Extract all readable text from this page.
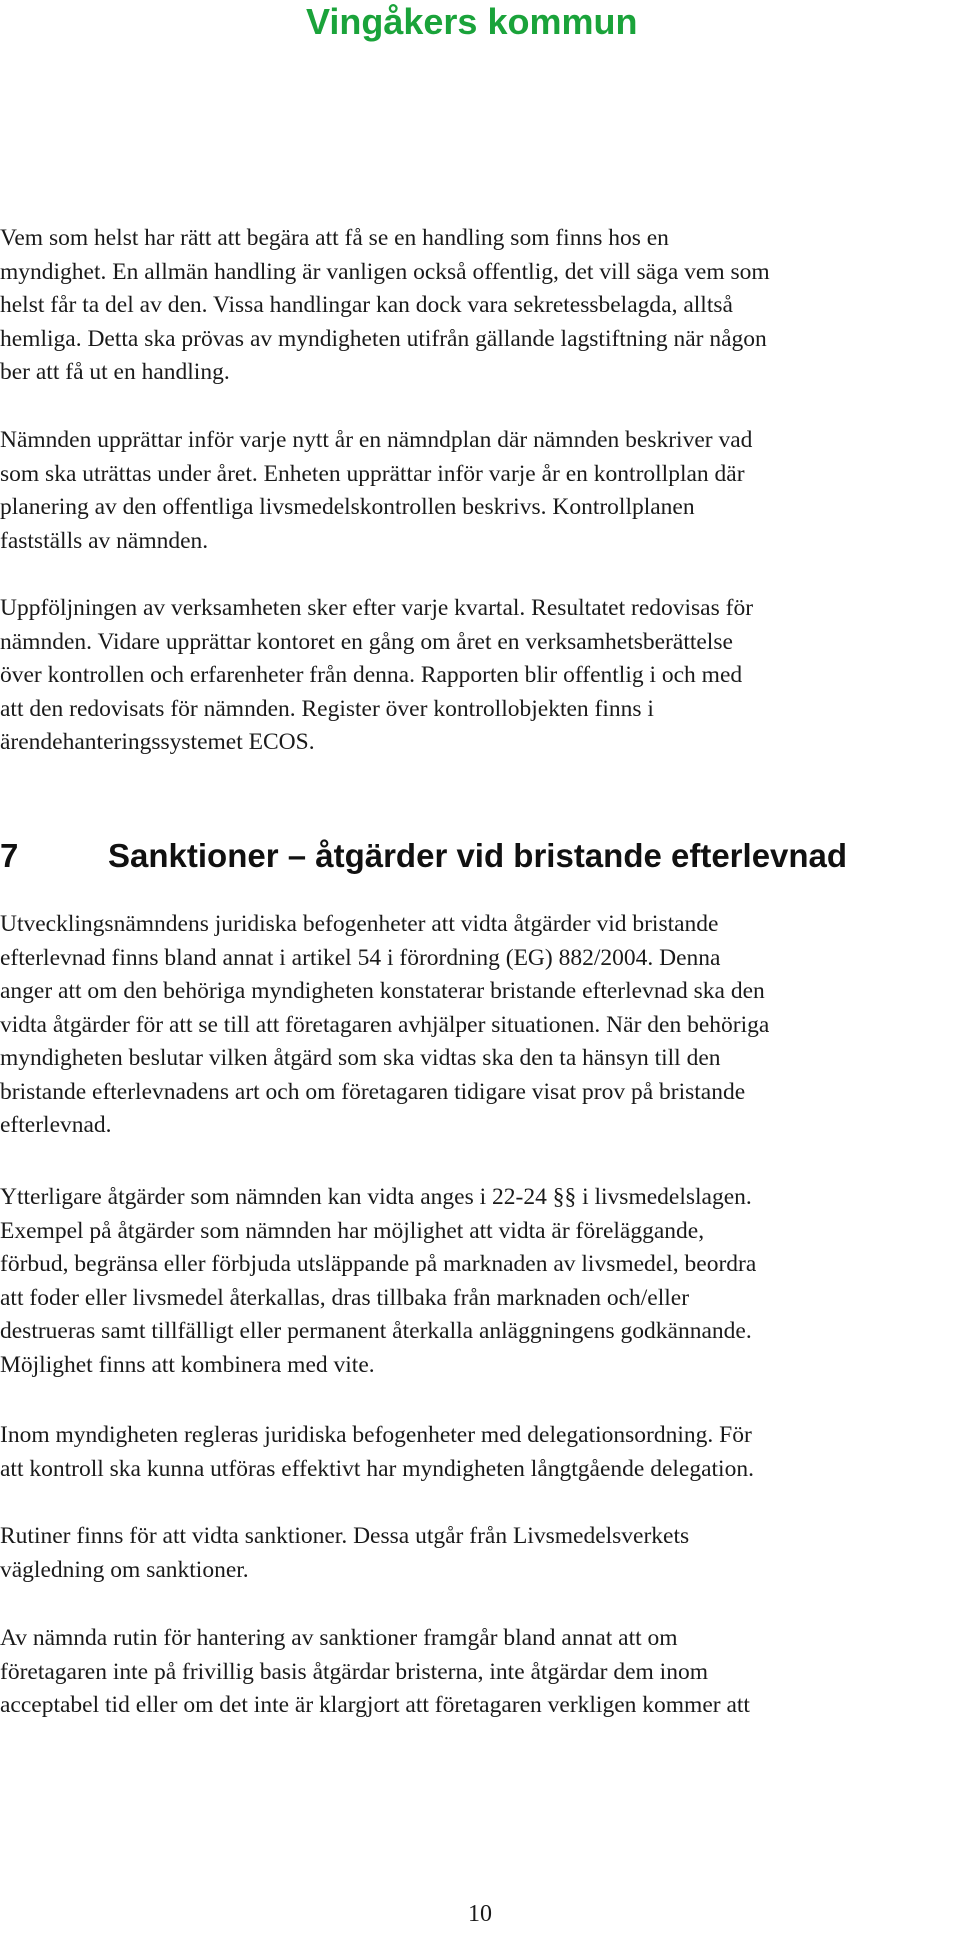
Vingåkers kommun

Vem som helst har rätt att begära att få se en handling som finns hos en
myndighet. En allmän handling är vanligen också offentlig, det vill säga vem som
helst får ta del av den. Vissa handlingar kan dock vara sekretessbelagda, alltså
hemliga. Detta ska prövas av myndigheten utifrån gällande lagstiftning när någon
ber att få ut en handling.

Nämnden upprättar inför varje nytt år en nämndplan där nämnden beskriver vad
som ska uträttas under året. Enheten upprättar inför varje år en kontrollplan där
planering av den offentliga livsmedelskontrollen beskrivs. Kontrollplanen
fastställs av nämnden.

Uppföljningen av verksamheten sker efter varje kvartal. Resultatet redovisas för
nämnden. Vidare upprättar kontoret en gång om året en verksamhetsberättelse
över kontrollen och erfarenheter från denna. Rapporten blir offentlig i och med
att den redovisats för nämnden. Register över kontrollobjekten finns i
ärendehanteringssystemet ECOS.

7	Sanktioner – åtgärder vid bristande efterlevnad

Utvecklingsnämndens juridiska befogenheter att vidta åtgärder vid bristande
efterlevnad finns bland annat i artikel 54 i förordning (EG) 882/2004. Denna
anger att om den behöriga myndigheten konstaterar bristande efterlevnad ska den
vidta åtgärder för att se till att företagaren avhjälper situationen. När den behöriga
myndigheten beslutar vilken åtgärd som ska vidtas ska den ta hänsyn till den
bristande efterlevnadens art och om företagaren tidigare visat prov på bristande
efterlevnad.

Ytterligare åtgärder som nämnden kan vidta anges i 22-24 §§ i livsmedelslagen.
Exempel på åtgärder som nämnden har möjlighet att vidta är föreläggande,
förbud, begränsa eller förbjuda utsläppande på marknaden av livsmedel, beordra
att foder eller livsmedel återkallas, dras tillbaka från marknaden och/eller
destrueras samt tillfälligt eller permanent återkalla anläggningens godkännande.
Möjlighet finns att kombinera med vite.

Inom myndigheten regleras juridiska befogenheter med delegationsordning. För
att kontroll ska kunna utföras effektivt har myndigheten långtgående delegation.

Rutiner finns för att vidta sanktioner. Dessa utgår från Livsmedelsverkets
vägledning om sanktioner.

Av nämnda rutin för hantering av sanktioner framgår bland annat att om
företagaren inte på frivillig basis åtgärdar bristerna, inte åtgärdar dem inom
acceptabel tid eller om det inte är klargjort att företagaren verkligen kommer att

10
